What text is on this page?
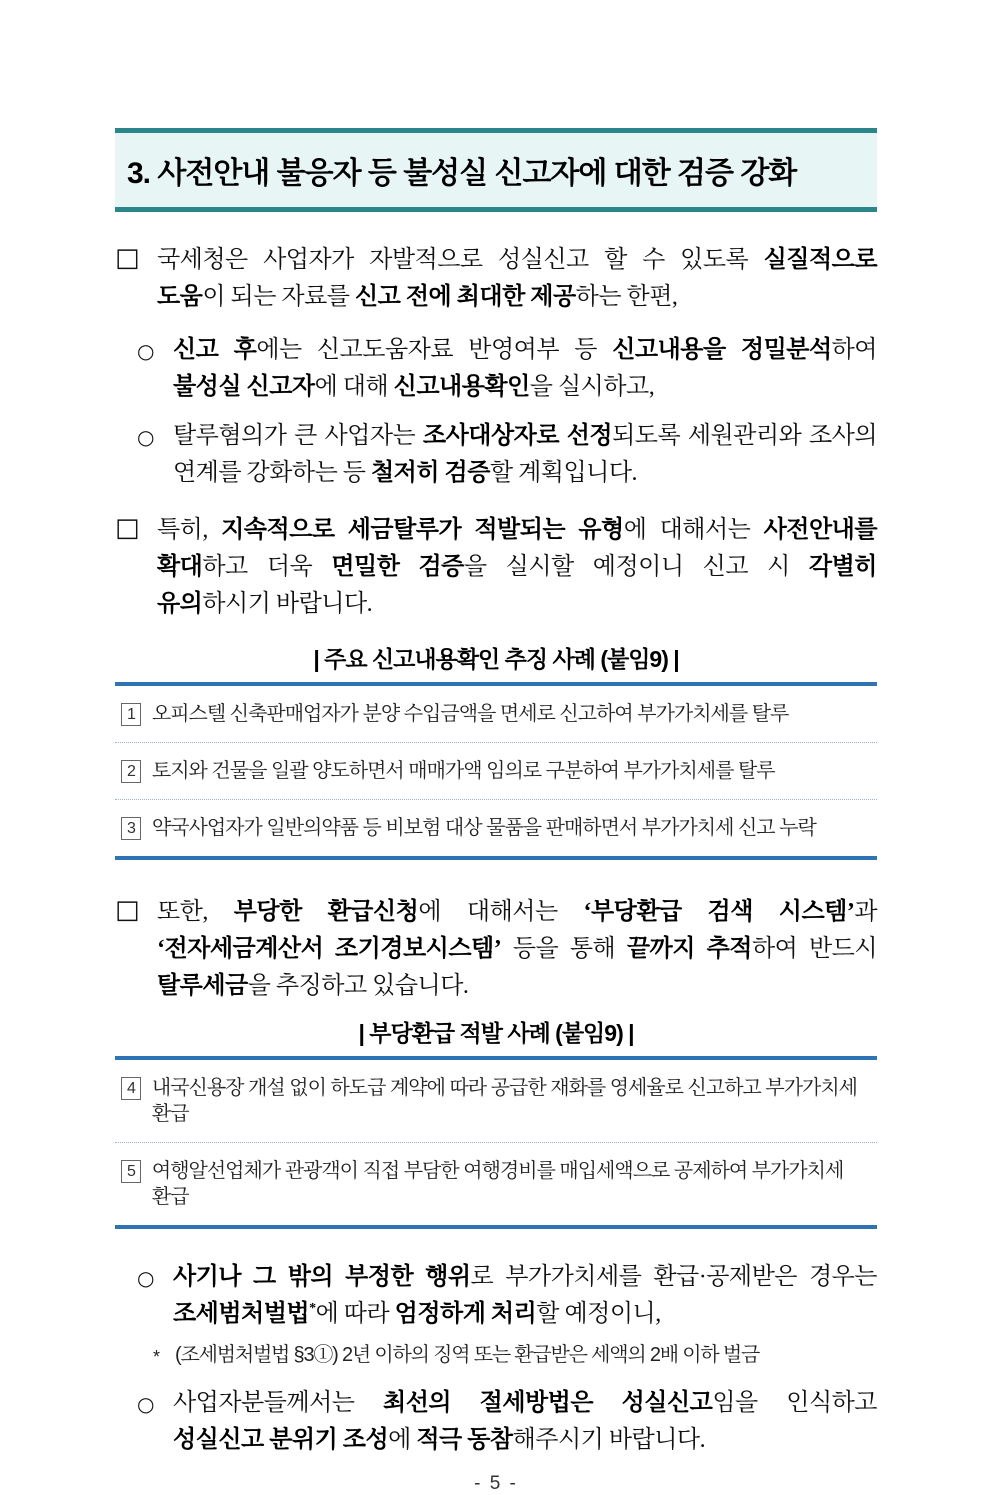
3. 사전안내 불응자 등 불성실 신고자에 대한 검증 강화
□ 국세청은 사업자가 자발적으로 성실신고 할 수 있도록 실질적으로 도움이 되는 자료를 신고 전에 최대한 제공하는 한편,
○ 신고 후에는 신고도움자료 반영여부 등 신고내용을 정밀분석하여 불성실 신고자에 대해 신고내용확인을 실시하고,
○ 탈루혐의가 큰 사업자는 조사대상자로 선정되도록 세원관리와 조사의 연계를 강화하는 등 철저히 검증할 계획입니다.
□ 특히, 지속적으로 세금탈루가 적발되는 유형에 대해서는 사전안내를 확대하고 더욱 면밀한 검증을 실시할 예정이니 신고 시 각별히 유의하시기 바랍니다.
| 주요 신고내용확인 추징 사례 (붙임9) |
1 오피스텔 신축판매업자가 분양 수입금액을 면세로 신고하여 부가가치세를 탈루
2 토지와 건물을 일괄 양도하면서 매매가액 임의로 구분하여 부가가치세를 탈루
3 약국사업자가 일반의약품 등 비보험 대상 물품을 판매하면서 부가가치세 신고 누락
□ 또한, 부당한 환급신청에 대해서는 ‘부당환급 검색 시스템’과 ‘전자세금계산서 조기경보시스템’ 등을 통해 끝까지 추적하여 반드시 탈루세금을 추징하고 있습니다.
| 부당환급 적발 사례 (붙임9) |
4 내국신용장 개설 없이 하도급 계약에 따라 공급한 재화를 영세율로 신고하고 부가가치세 환급
5 여행알선업체가 관광객이 직접 부담한 여행경비를 매입세액으로 공제하여 부가가치세 환급
○ 사기나 그 밖의 부정한 행위로 부가가치세를 환급·공제받은 경우는 조세범처벌법*에 따라 엄정하게 처리할 예정이니,
* (조세범처벌법 §3①) 2년 이하의 징역 또는 환급받은 세액의 2배 이하 벌금
○ 사업자분들께서는 최선의 절세방법은 성실신고임을 인식하고 성실신고 분위기 조성에 적극 동참해주시기 바랍니다.
- 5 -
